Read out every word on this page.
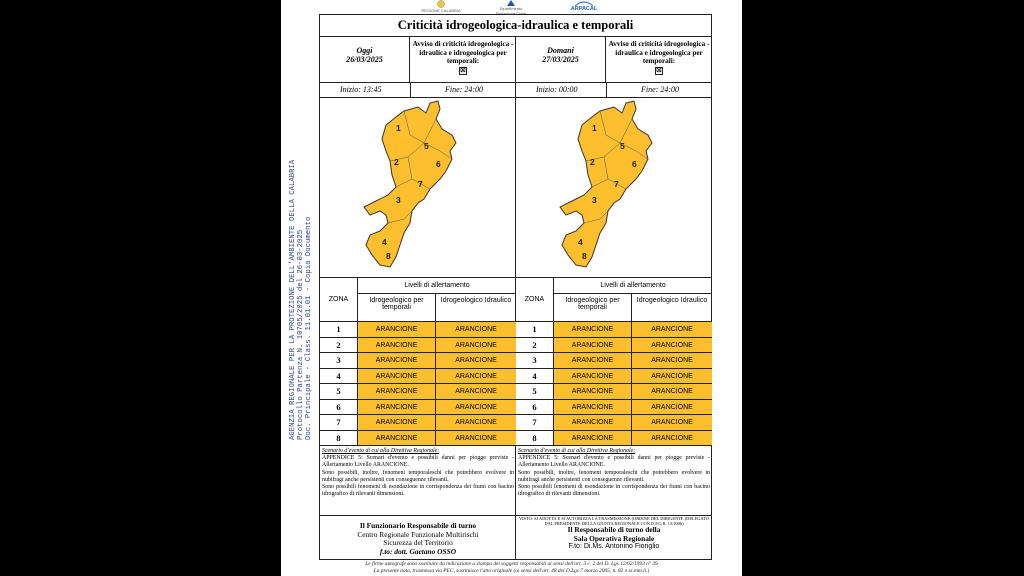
REGIONE CALABRIA	Dipartimento Protezione Civile
ARPACAL
AGENZIA REGIONALE PER LA PROTEZIONE DELL'AMBIENTE DELLA CALABRIA Protocollo Partenza N. 10705/2025 del 26-03-2025 Doc. Principale - Class. 11.01.01 - Copia Documento
Criticità idrogeologica-idraulica e temporali
Oggi
26/03/2025
Avviso di criticità idrogeologica - idraulica e idrogeologica per temporali:
☒
Inizio: 13:45	Fine: 24:00
1
2
3
4
5
6
7
8
ZONA
Livelli di allertamento
Idrogeologico per temporali
Idrogeologico Idraulico
1	ARANCIONE	ARANCIONE
2	ARANCIONE	ARANCIONE
3	ARANCIONE	ARANCIONE
4	ARANCIONE	ARANCIONE
5	ARANCIONE	ARANCIONE
6	ARANCIONE	ARANCIONE
7	ARANCIONE	ARANCIONE
8	ARANCIONE	ARANCIONE
Scenario d'evento di cui alla Direttiva Regionale:
APPENDICE 5: Scenari d'evento e possibili danni per piogge previste - Allertamento Livello ARANCIONE.
Sono possibili, inoltre, fenomeni temporaleschi che potrebbero evolvere in nubifragi anche persistenti con conseguenze rilevanti.
Sono possibili fenomeni di esondazione in corrispondenza dei fiumi con bacino idrografico di rilevanti dimensioni.
Il Funzionario Responsabile di turno
Centro Regionale Funzionale Multirischi
Sicurezza del Territorio
f.to: dott. Gaetano OSSO
Domani
27/03/2025
Avviso di criticità idrogeologica - idraulica e idrogeologica per temporali:
☒
Inizio: 00:00	Fine: 24:00
1
2
3
4
5
6
7
8
ZONA
Livelli di allertamento
Idrogeologico per temporali
Idrogeologico Idraulico
1	ARANCIONE	ARANCIONE
2	ARANCIONE	ARANCIONE
3	ARANCIONE	ARANCIONE
4	ARANCIONE	ARANCIONE
5	ARANCIONE	ARANCIONE
6	ARANCIONE	ARANCIONE
7	ARANCIONE	ARANCIONE
8	ARANCIONE	ARANCIONE
Scenario d'evento di cui alla Direttiva Regionale:
APPENDICE 5: Scenari d'evento e possibili danni per piogge previste - Allertamento Livello ARANCIONE.
Sono possibili, inoltre, fenomeni temporaleschi che potrebbero evolvere in nubifragi anche persistenti con conseguenze rilevanti.
Sono possibili fenomeni di esondazione in corrispondenza dei fiumi con bacino idrografico di rilevanti dimensioni.
VISTO: SI ADOTTA E SI AUTORIZZA LA TRASMISSIONE (ORDINE DEL DIRIGENTE (DELEGATO DAL PRESIDENTE DELLA GIUNTA REGIONALE CON D.P.G.R. 13/2006)
Il Responsabile di turno della
Sala Operativa Regionale
F.to: Di.Ms. Antonino Fioriglio
Le firme autografe sono sostituite da indicazione a stampa dei soggetti responsabili ai sensi dell'art. 3 c. 2 del D. Lgs 12/02/1993 n° 39
La presente nota, trasmessa via PEC, sostituisce l'atto originale (ai sensi dell'art. 48 del D.Lgs 7 marzo 2005, n. 82 e ss.mm.ii.)
